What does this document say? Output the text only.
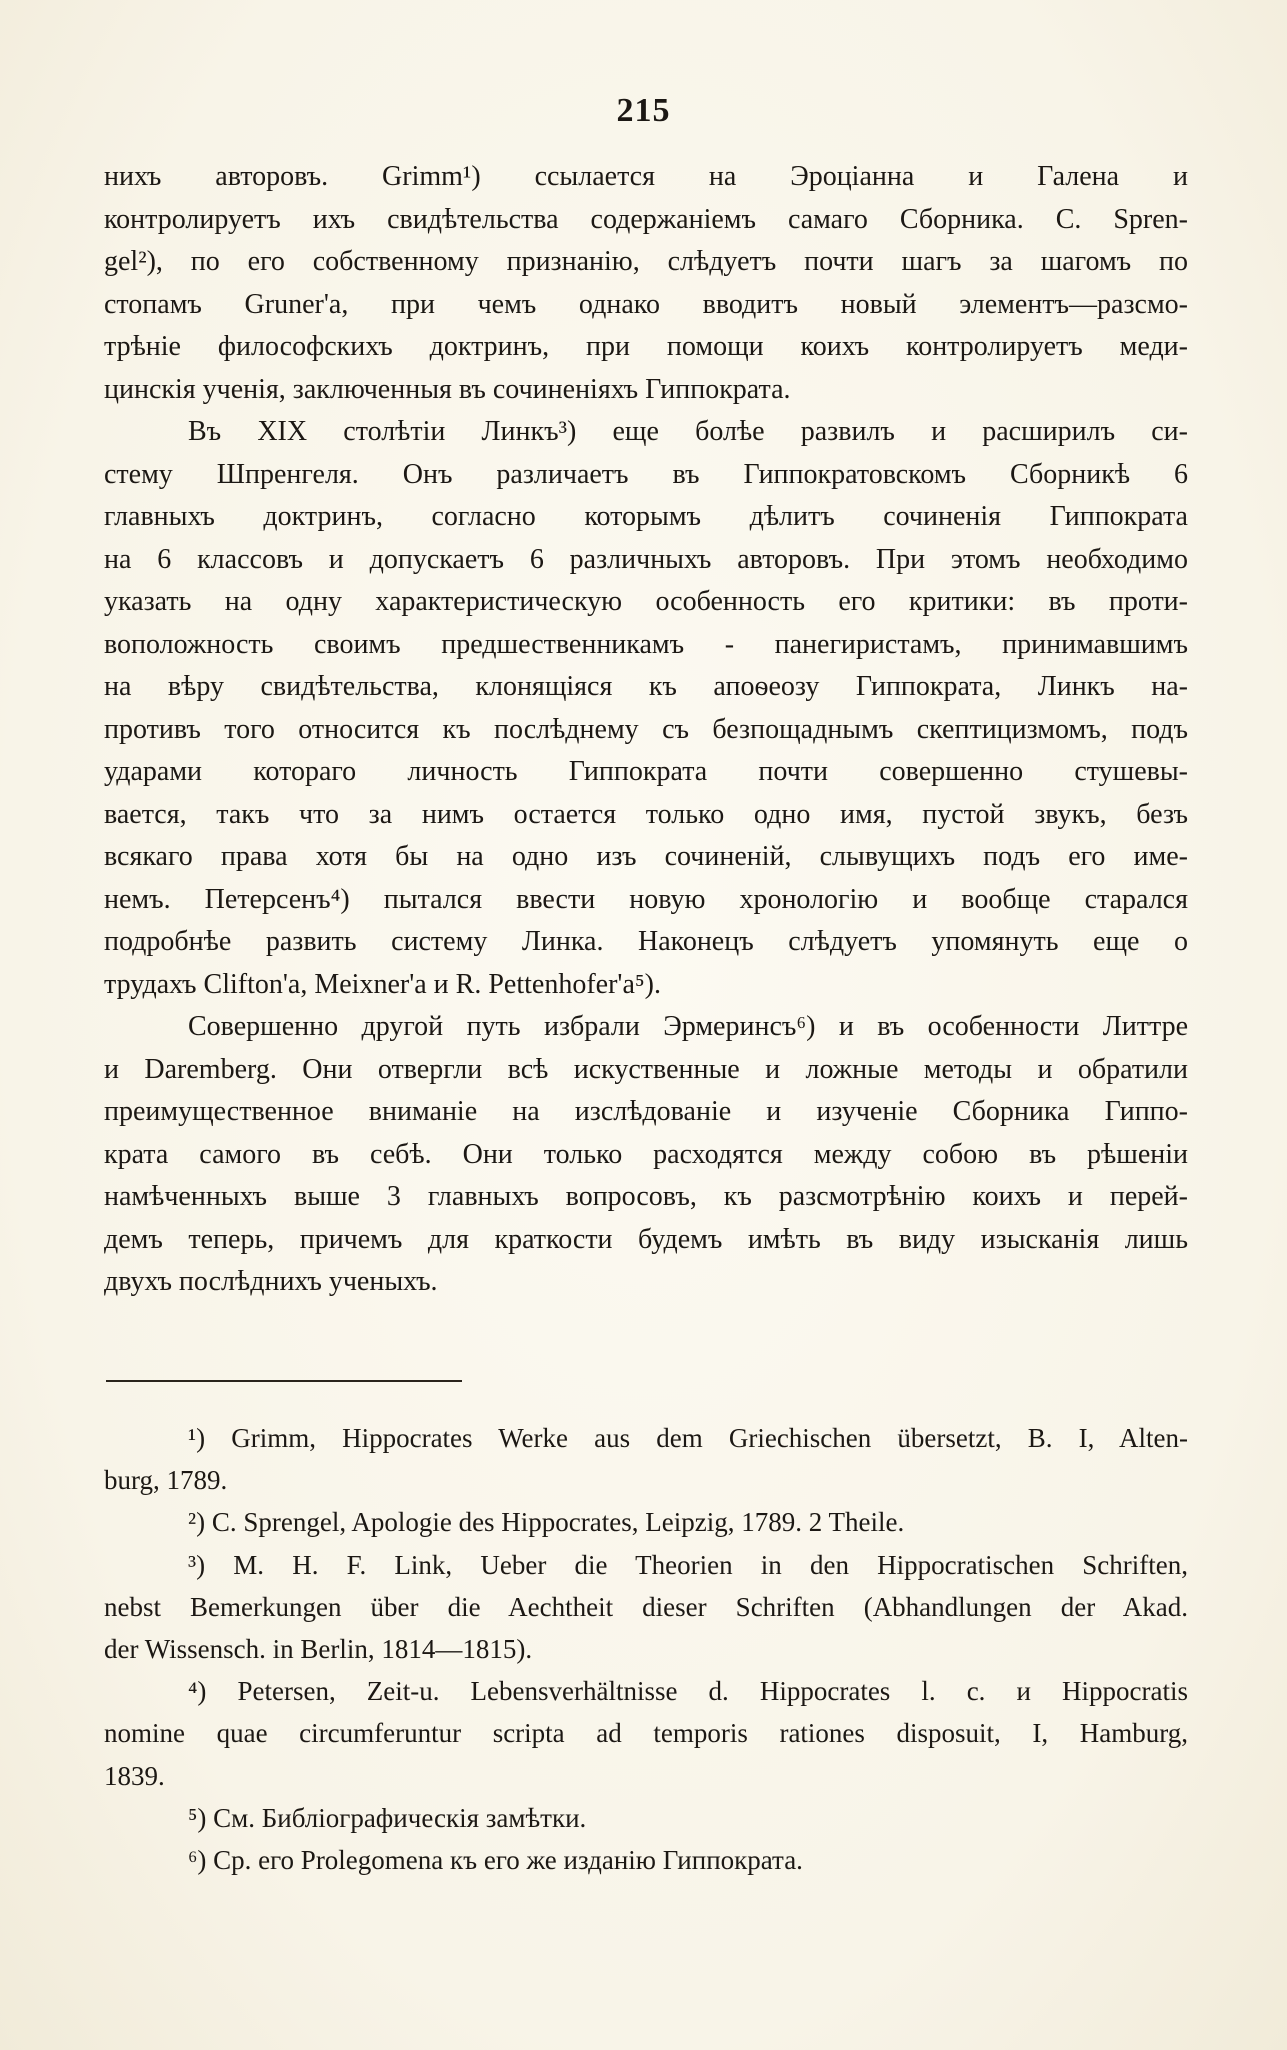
215
нихъ авторовъ. Grimm¹) ссылается на Эроціанна и Галена и
контролируетъ ихъ свидѣтельства содержаніемъ самаго Сборника. C. Spren-
gel²), по его собственному признанію, слѣдуетъ почти шагъ за шагомъ по
стопамъ Gruner'а, при чемъ однако вводитъ новый элементъ—разсмо-
трѣніе философскихъ доктринъ, при помощи коихъ контролируетъ меди-
цинскія ученія, заключенныя въ сочиненіяхъ Гиппократа.
Въ XIX столѣтіи Линкъ³) еще болѣе развилъ и расширилъ си-
стему Шпренгеля. Онъ различаетъ въ Гиппократовскомъ Сборникѣ 6
главныхъ доктринъ, согласно которымъ дѣлитъ сочиненія Гиппократа
на 6 классовъ и допускаетъ 6 различныхъ авторовъ. При этомъ необходимо
указать на одну характеристическую особенность его критики: въ проти-
воположность своимъ предшественникамъ - панегиристамъ, принимавшимъ
на вѣру свидѣтельства, клонящіяся къ апоѳеозу Гиппократа, Линкъ на-
противъ того относится къ послѣднему съ безпощаднымъ скептицизмомъ, подъ
ударами котораго личность Гиппократа почти совершенно стушевы-
вается, такъ что за нимъ остается только одно имя, пустой звукъ, безъ
всякаго права хотя бы на одно изъ сочиненій, слывущихъ подъ его име-
немъ. Петерсенъ⁴) пытался ввести новую хронологію и вообще старался
подробнѣе развить систему Линка. Наконецъ слѣдуетъ упомянуть еще о
трудахъ Clifton'а, Meixner'а и R. Pettenhofer'а⁵).
Совершенно другой путь избрали Эрмеринсъ⁶) и въ особенности Литтре
и Daremberg. Они отвергли всѣ искуственные и ложные методы и обратили
преимущественное вниманіе на изслѣдованіе и изученіе Сборника Гиппо-
крата самого въ себѣ. Они только расходятся между собою въ рѣшеніи
намѣченныхъ выше 3 главныхъ вопросовъ, къ разсмотрѣнію коихъ и перей-
демъ теперь, причемъ для краткости будемъ имѣть въ виду изысканія лишь
двухъ послѣднихъ ученыхъ.
¹) Grimm, Hippocrates Werke aus dem Griechischen übersetzt, B. I, Alten-
burg, 1789.
²) C. Sprengel, Apologie des Hippocrates, Leipzig, 1789. 2 Theile.
³) M. H. F. Link, Ueber die Theorien in den Hippocratischen Schriften,
nebst Bemerkungen über die Aechtheit dieser Schriften (Abhandlungen der Akad.
der Wissensch. in Berlin, 1814—1815).
⁴) Petersen, Zeit-u. Lebensverhältnisse d. Hippocrates l. c. и Hippocratis
nomine quae circumferuntur scripta ad temporis rationes disposuit, I, Hamburg,
1839.
⁵) См. Библіографическія замѣтки.
⁶) Ср. его Prolegomena къ его же изданію Гиппократа.
